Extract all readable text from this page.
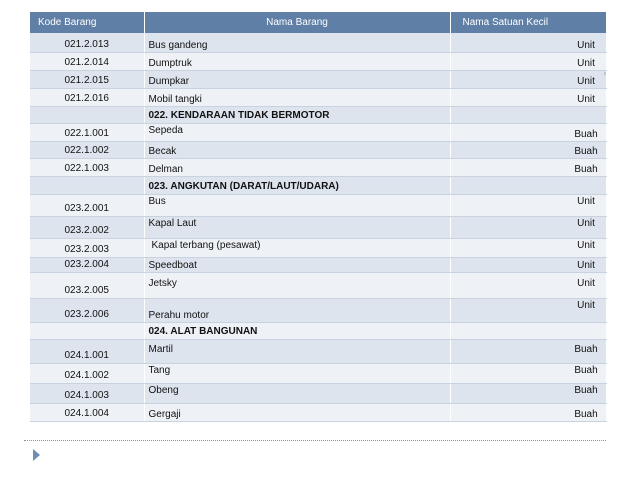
Kode Barang	Nama Barang	Nama Satuan Kecil
021.2.013	Bus gandeng	Unit
021.2.014	Dumptruk	Unit
021.2.015	Dumpkar	Unit
021.2.016	Mobil tangki	Unit
	022. KENDARAAN TIDAK BERMOTOR	
022.1.001	Sepeda	Buah
022.1.002	Becak	Buah
022.1.003	Delman	Buah
	023. ANGKUTAN (DARAT/LAUT/UDARA)	
023.2.001	Bus	Unit
023.2.002	Kapal Laut	Unit
023.2.003	Kapal terbang (pesawat)	Unit
023.2.004	Speedboat	Unit
023.2.005	Jetsky	Unit
023.2.006	Perahu motor	Unit
	024. ALAT BANGUNAN	
024.1.001	Martil	Buah
024.1.002	Tang	Buah
024.1.003	Obeng	Buah
024.1.004	Gergaji	Buah
